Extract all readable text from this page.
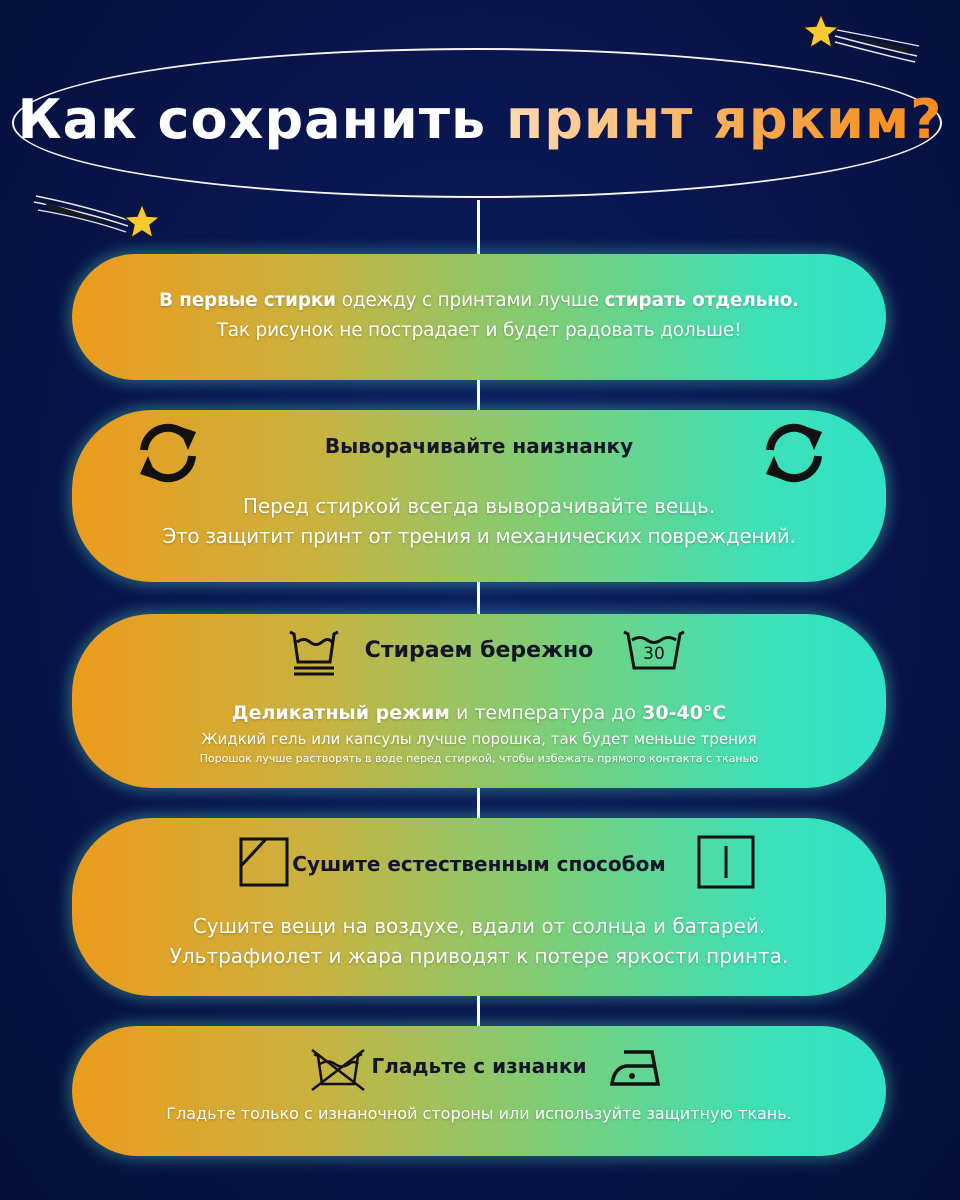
Как сохранить принт ярким?
В первые стирки одежду с принтами лучше стирать отдельно.
Так рисунок не пострадает и будет радовать дольше!
Выворачивайте наизнанку
Перед стиркой всегда выворачивайте вещь.
Это защитит принт от трения и механических повреждений.
Стираем бережно
Деликатный режим и температура до 30-40°C
Жидкий гель или капсулы лучше порошка, так будет меньше трения
Порошок лучше растворять в воде перед стиркой, чтобы избежать прямого контакта с тканью
30
Сушите естественным способом
Сушите вещи на воздухе, вдали от солнца и батарей.
Ультрафиолет и жара приводят к потере яркости принта.
Гладьте с изнанки
Гладьте только с изнаночной стороны или используйте защитную ткань.
